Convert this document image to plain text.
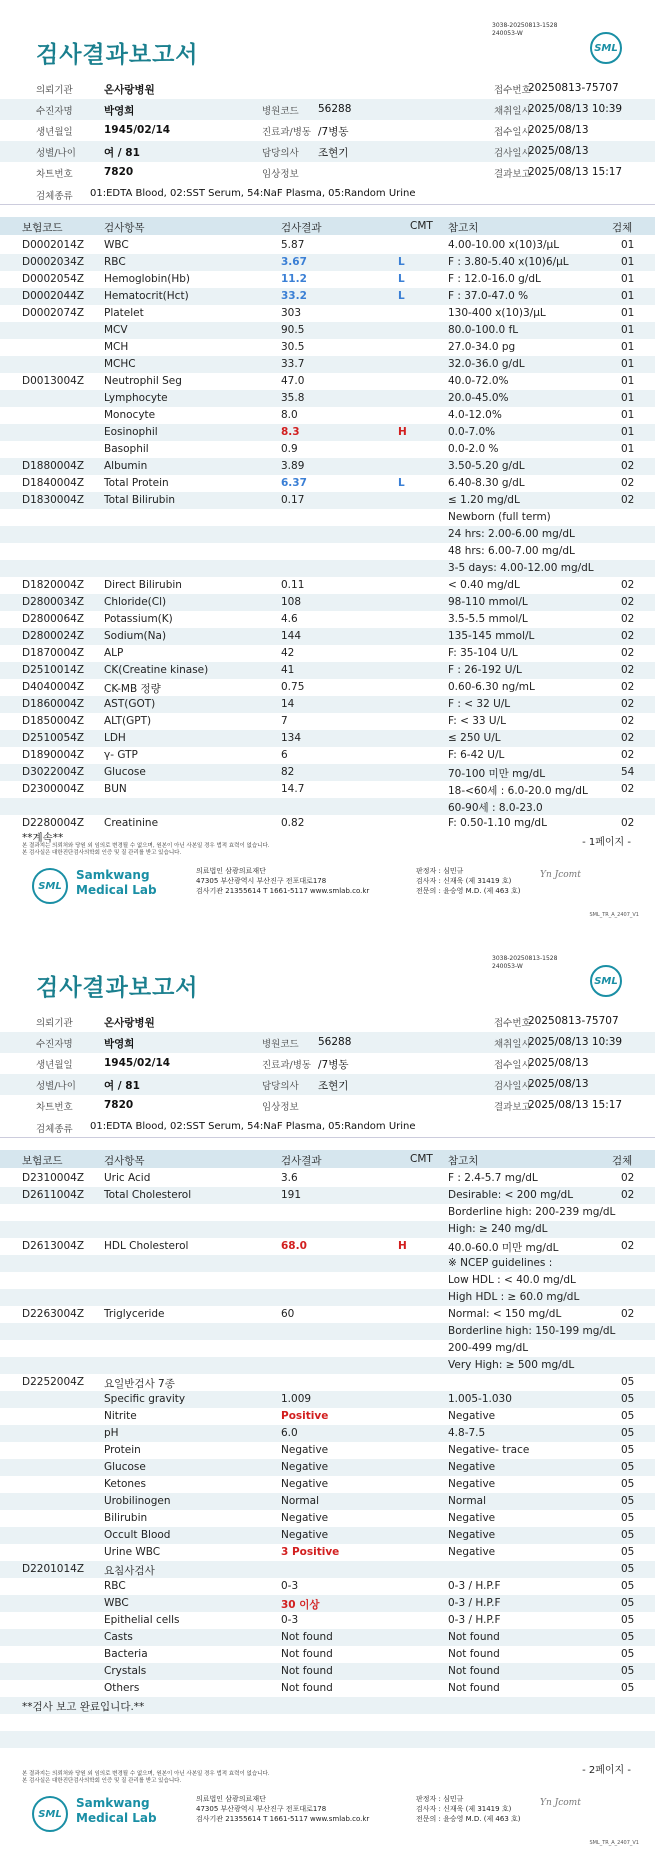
검사결과보고서
3038-20250813-1528
240053-W
SML
의뢰기관	온사랑병원	접수번호
20250813-75707
수진자명	박영희	병원코드 56288	채취일시
2025/08/13 10:39
생년월일	1945/02/14	진료과/병동 /7병동	접수일시
2025/08/13
성별/나이	여 / 81	담당의사 조현기	검사일시
2025/08/13
차트번호	7820	임상정보	결과보고
2025/08/13 15:17
검체종류 01:EDTA Blood, 02:SST Serum, 54:NaF Plasma, 05:Random Urine
보험코드	검사항목	검사결과	CMT 참고치	검체
D0002014Z WBC	5.87	4.00-10.00 x(10)3/μL	01
D0002034Z RBC	3.67	L	F : 3.80-5.40 x(10)6/μL	01
D0002054Z Hemoglobin(Hb)	11.2	L	F : 12.0-16.0 g/dL	01
D0002044Z Hematocrit(Hct)	33.2	L	F : 37.0-47.0 %	01
D0002074Z Platelet	303	130-400 x(10)3/μL	01
MCV	90.5	80.0-100.0 fL	01
MCH	30.5	27.0-34.0 pg	01
MCHC	33.7	32.0-36.0 g/dL	01
D0013004Z Neutrophil Seg	47.0	40.0-72.0%	01
Lymphocyte	35.8	20.0-45.0%	01
Monocyte	8.0	4.0-12.0%	01
Eosinophil	8.3	H	0.0-7.0%	01
Basophil	0.9	0.0-2.0 %	01
D1880004Z Albumin	3.89	3.50-5.20 g/dL	02
D1840004Z Total Protein	6.37	L	6.40-8.30 g/dL	02
D1830004Z Total Bilirubin	0.17	≤ 1.20 mg/dL	02
Newborn (full term)
24 hrs: 2.00-6.00 mg/dL
48 hrs: 6.00-7.00 mg/dL
3-5 days: 4.00-12.00 mg/dL
D1820004Z Direct Bilirubin	0.11	< 0.40 mg/dL	02
D2800034Z Chloride(Cl)	108	98-110 mmol/L	02
D2800064Z Potassium(K)	4.6	3.5-5.5 mmol/L	02
D2800024Z Sodium(Na)	144	135-145 mmol/L	02
D1870004Z ALP	42	F: 35-104 U/L	02
D2510014Z CK(Creatine kinase)	41	F : 26-192 U/L	02
D4040004Z CK-MB 정량	0.75	0.60-6.30 ng/mL	02
D1860004Z AST(GOT)	14	F : < 32 U/L	02
D1850004Z ALT(GPT)	7	F: < 33 U/L	02
D2510054Z LDH	134	≤ 250 U/L	02
D1890004Z γ- GTP	6	F: 6-42 U/L	02
D3022004Z Glucose	82	70-100 미만 mg/dL	54
D2300004Z BUN	14.7	18-<60세 : 6.0-20.0 mg/dL	02
60-90세 : 8.0-23.0
D2280004Z Creatinine	0.82	F: 0.50-1.10 mg/dL	02
**계속**	- 1페이지 -
본 결과지는 의뢰처와 당원 외 임의로 변경될 수 없으며, 원본이 아닌 사본일 경우 법적 효력이 없습니다.
본 검사실은 대한진단검사의학회 인증 및 질 관리를 받고 있습니다.
SML
Samkwang
Medical Lab
의료법인 삼광의료재단
47305 부산광역시 부산진구 전포대로178
검사기관 21355614 T 1661-5117 www.smlab.co.kr
판정자 : 심민규
검사자 : 신재욱 (제 31419 호)
전문의 : 윤승영 M.D. (제 463 호)
Yn Jcomt
SML_TR_A_2407_V1
검사결과보고서
3038-20250813-1528
240053-W
SML
의뢰기관	온사랑병원	접수번호
20250813-75707
수진자명	박영희	병원코드 56288	채취일시
2025/08/13 10:39
생년월일	1945/02/14	진료과/병동 /7병동	접수일시
2025/08/13
성별/나이	여 / 81	담당의사 조현기	검사일시
2025/08/13
차트번호	7820	임상정보	결과보고
2025/08/13 15:17
검체종류 01:EDTA Blood, 02:SST Serum, 54:NaF Plasma, 05:Random Urine
보험코드	검사항목	검사결과	CMT 참고치	검체
D2310004Z Uric Acid	3.6	F : 2.4-5.7 mg/dL	02
D2611004Z Total Cholesterol	191	Desirable: < 200 mg/dL	02
Borderline high: 200-239 mg/dL
High: ≥ 240 mg/dL
D2613004Z HDL Cholesterol	68.0	H	40.0-60.0 미만 mg/dL	02
※ NCEP guidelines :
Low HDL : < 40.0 mg/dL
High HDL : ≥ 60.0 mg/dL
D2263004Z Triglyceride	60	Normal: < 150 mg/dL	02
Borderline high: 150-199 mg/dL
200-499 mg/dL
Very High: ≥ 500 mg/dL
D2252004Z 요일반검사 7종	05
Specific gravity	1.009	1.005-1.030	05
Nitrite	Positive	Negative	05
pH	6.0	4.8-7.5	05
Protein	Negative	Negative- trace	05
Glucose	Negative	Negative	05
Ketones	Negative	Negative	05
Urobilinogen	Normal	Normal	05
Bilirubin	Negative	Negative	05
Occult Blood	Negative	Negative	05
Urine WBC	3 Positive	Negative	05
D2201014Z 요침사검사	05
RBC	0-3	0-3 / H.P.F	05
WBC	30 이상	0-3 / H.P.F	05
Epithelial cells	0-3	0-3 / H.P.F	05
Casts	Not found	Not found	05
Bacteria	Not found	Not found	05
Crystals	Not found	Not found	05
Others	Not found	Not found	05
**검사 보고 완료입니다.**
- 2페이지 -
본 결과지는 의뢰처와 당원 외 임의로 변경될 수 없으며, 원본이 아닌 사본일 경우 법적 효력이 없습니다.
본 검사실은 대한진단검사의학회 인증 및 질 관리를 받고 있습니다.
SML
Samkwang
Medical Lab
의료법인 삼광의료재단
47305 부산광역시 부산진구 전포대로178
검사기관 21355614 T 1661-5117 www.smlab.co.kr
판정자 : 심민규
검사자 : 신재욱 (제 31419 호)
전문의 : 윤승영 M.D. (제 463 호)
Yn Jcomt
SML_TR_A_2407_V1
